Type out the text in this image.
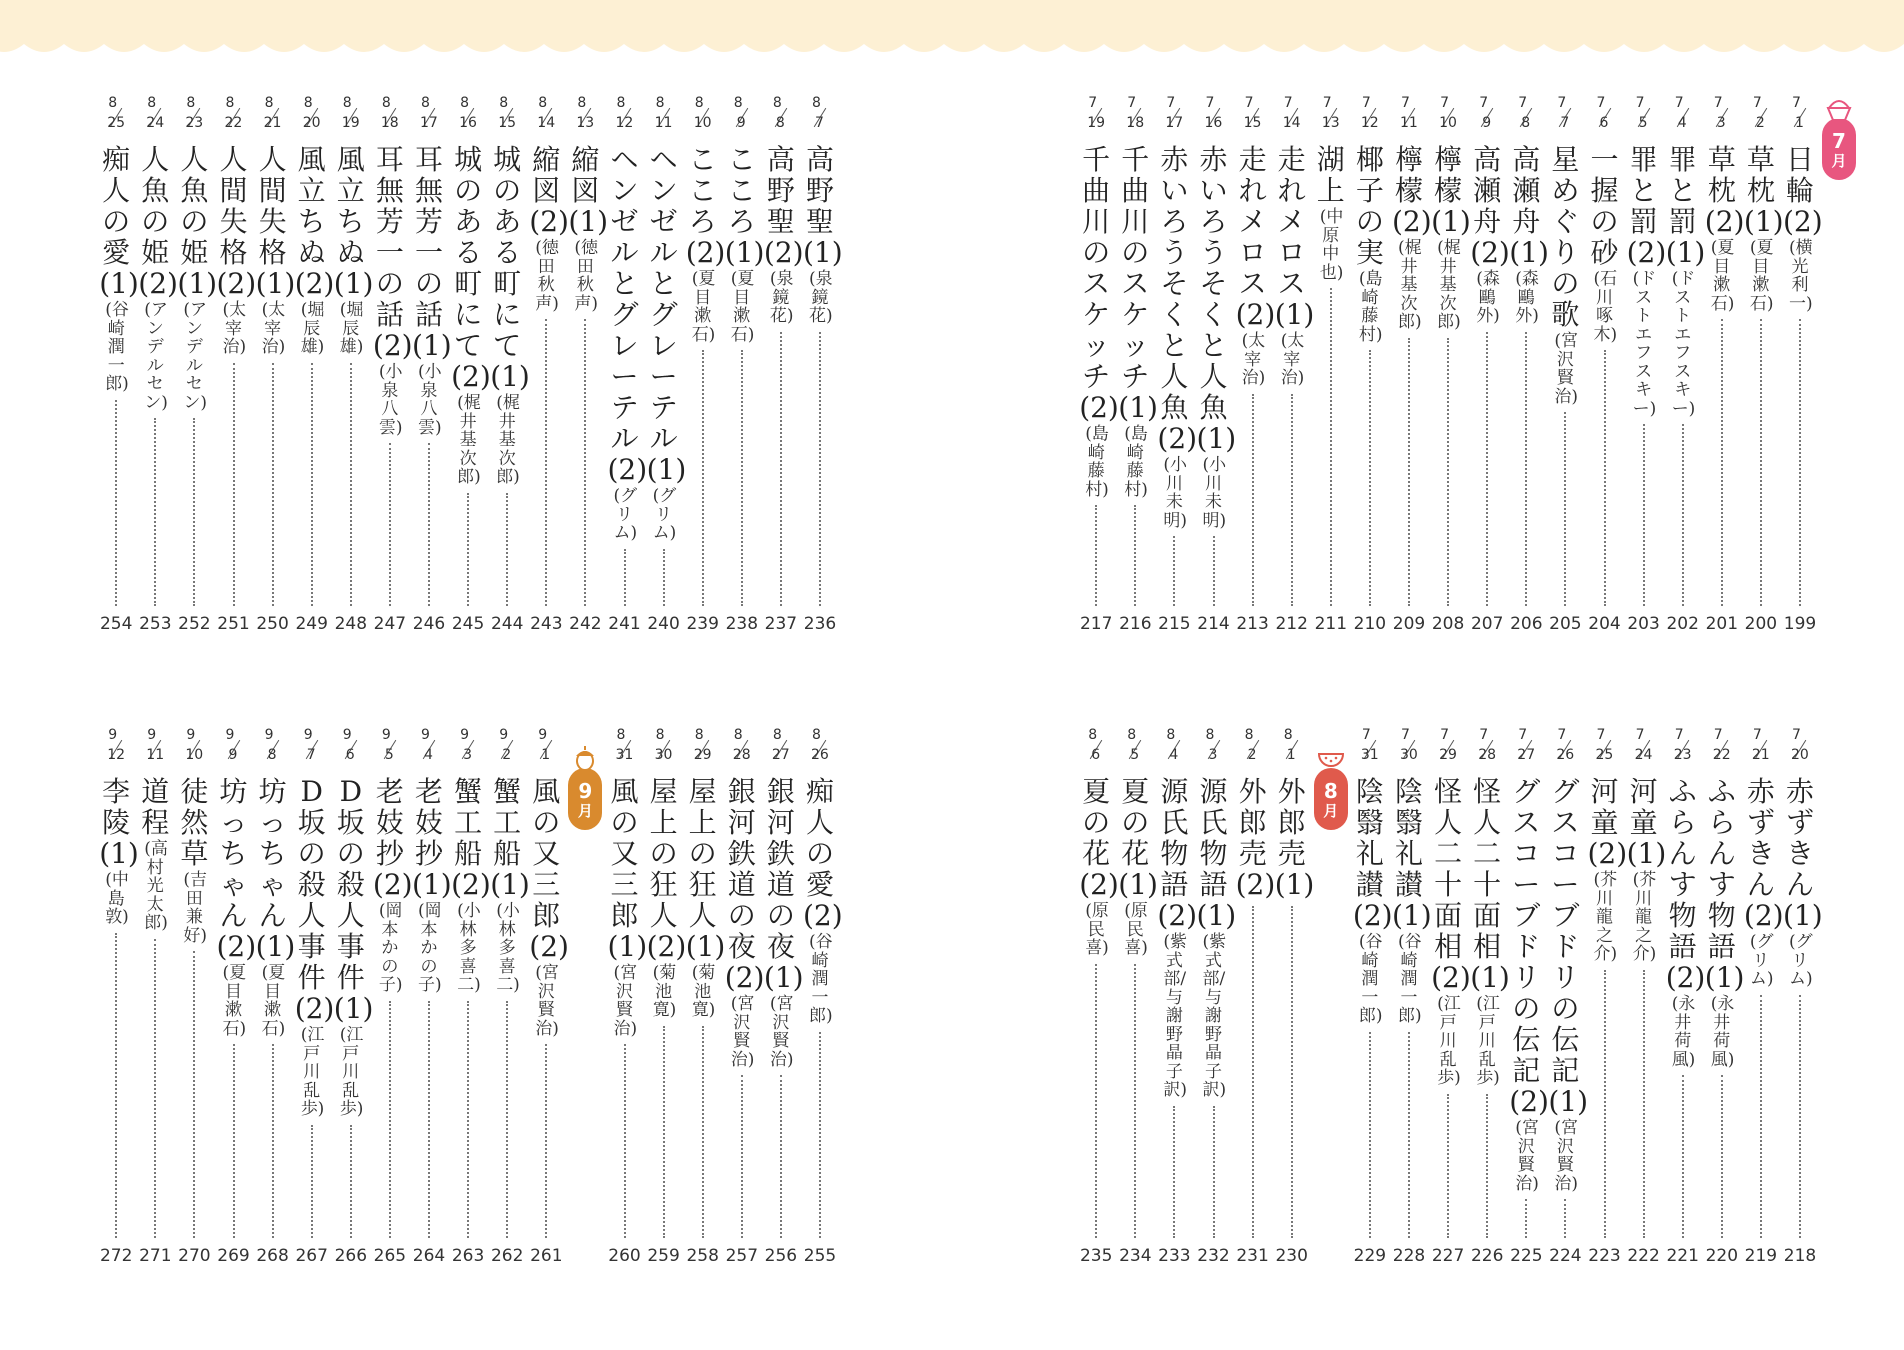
7
月
7
1
日輪(2)
(横光利一)
199
7
2
草枕(1)
(夏目漱石)
200
7
3
草枕(2)
(夏目漱石)
201
7
4
罪と罰(1)
(ドストエフスキー)
202
7
5
罪と罰(2)
(ドストエフスキー)
203
7
6
一握の砂
(石川啄木)
204
7
7
星めぐりの歌
(宮沢賢治)
205
7
8
高瀬舟(1)
(森 鷗外)
206
7
9
高瀬舟(2)
(森 鷗外)
207
7
10
檸檬(1)
(梶井基次郎)
208
7
11
檸檬(2)
(梶井基次郎)
209
7
12
椰子の実
(島崎藤村)
210
7
13
湖上
(中原中也)
211
7
14
走れメロス(1)
(太宰 治)
212
7
15
走れメロス(2)
(太宰 治)
213
7
16
赤いろうそくと人魚(1)
(小川未明)
214
7
17
赤いろうそくと人魚(2)
(小川未明)
215
7
18
千曲川のスケッチ(1)
(島崎藤村)
216
7
19
千曲川のスケッチ(2)
(島崎藤村)
217
8
7
高野聖(1)
(泉 鏡花)
236
8
8
高野聖(2)
(泉 鏡花)
237
8
9
こころ(1)
(夏目漱石)
238
8
10
こころ(2)
(夏目漱石)
239
8
11
ヘンゼルとグレーテル(1)
(グリム)
240
8
12
ヘンゼルとグレーテル(2)
(グリム)
241
8
13
縮図(1)
(徳田秋声)
242
8
14
縮図(2)
(徳田秋声)
243
8
15
城のある町にて(1)
(梶井基次郎)
244
8
16
城のある町にて(2)
(梶井基次郎)
245
8
17
耳無芳一の話(1)
(小泉八雲)
246
8
18
耳無芳一の話(2)
(小泉八雲)
247
8
19
風立ちぬ(1)
(堀 辰雄)
248
8
20
風立ちぬ(2)
(堀 辰雄)
249
8
21
人間失格(1)
(太宰 治)
250
8
22
人間失格(2)
(太宰 治)
251
8
23
人魚の姫(1)
(アンデルセン)
252
8
24
人魚の姫(2)
(アンデルセン)
253
8
25
痴人の愛(1)
(谷崎潤一郎)
254
7
20
赤ずきん(1)
(グリム)
218
7
21
赤ずきん(2)
(グリム)
219
7
22
ふらんす物語(1)
(永井荷風)
220
7
23
ふらんす物語(2)
(永井荷風)
221
7
24
河童(1)
(芥川龍之介)
222
7
25
河童(2)
(芥川龍之介)
223
7
26
グスコーブドリの伝記(1)
(宮沢賢治)
224
7
27
グスコーブドリの伝記(2)
(宮沢賢治)
225
7
28
怪人二十面相(1)
(江戸川乱歩)
226
7
29
怪人二十面相(2)
(江戸川乱歩)
227
7
30
陰翳礼讃(1)
(谷崎潤一郎)
228
7
31
陰翳礼讃(2)
(谷崎潤一郎)
229
8
月
8
1
外郎売(1)
230
8
2
外郎売(2)
231
8
3
源氏物語(1)
(紫式部/与謝野晶子 訳)
232
8
4
源氏物語(2)
(紫式部/与謝野晶子 訳)
233
8
5
夏の花(1)
(原 民喜)
234
8
6
夏の花(2)
(原 民喜)
235
8
26
痴人の愛(2)
(谷崎潤一郎)
255
8
27
銀河鉄道の夜(1)
(宮沢賢治)
256
8
28
銀河鉄道の夜(2)
(宮沢賢治)
257
8
29
屋上の狂人(1)
(菊池 寛)
258
8
30
屋上の狂人(2)
(菊池 寛)
259
8
31
風の又三郎(1)
(宮沢賢治)
260
9
月
9
1
風の又三郎(2)
(宮沢賢治)
261
9
2
蟹工船(1)
(小林多喜二)
262
9
3
蟹工船(2)
(小林多喜二)
263
9
4
老妓抄(1)
(岡本かの子)
264
9
5
老妓抄(2)
(岡本かの子)
265
9
6
D坂の殺人事件(1)
(江戸川乱歩)
266
9
7
D坂の殺人事件(2)
(江戸川乱歩)
267
9
8
坊っちゃん(1)
(夏目漱石)
268
9
9
坊っちゃん(2)
(夏目漱石)
269
9
10
徒然草
(吉田兼好)
270
9
11
道程
(高村光太郎)
271
9
12
李陵(1)
(中島 敦)
272
